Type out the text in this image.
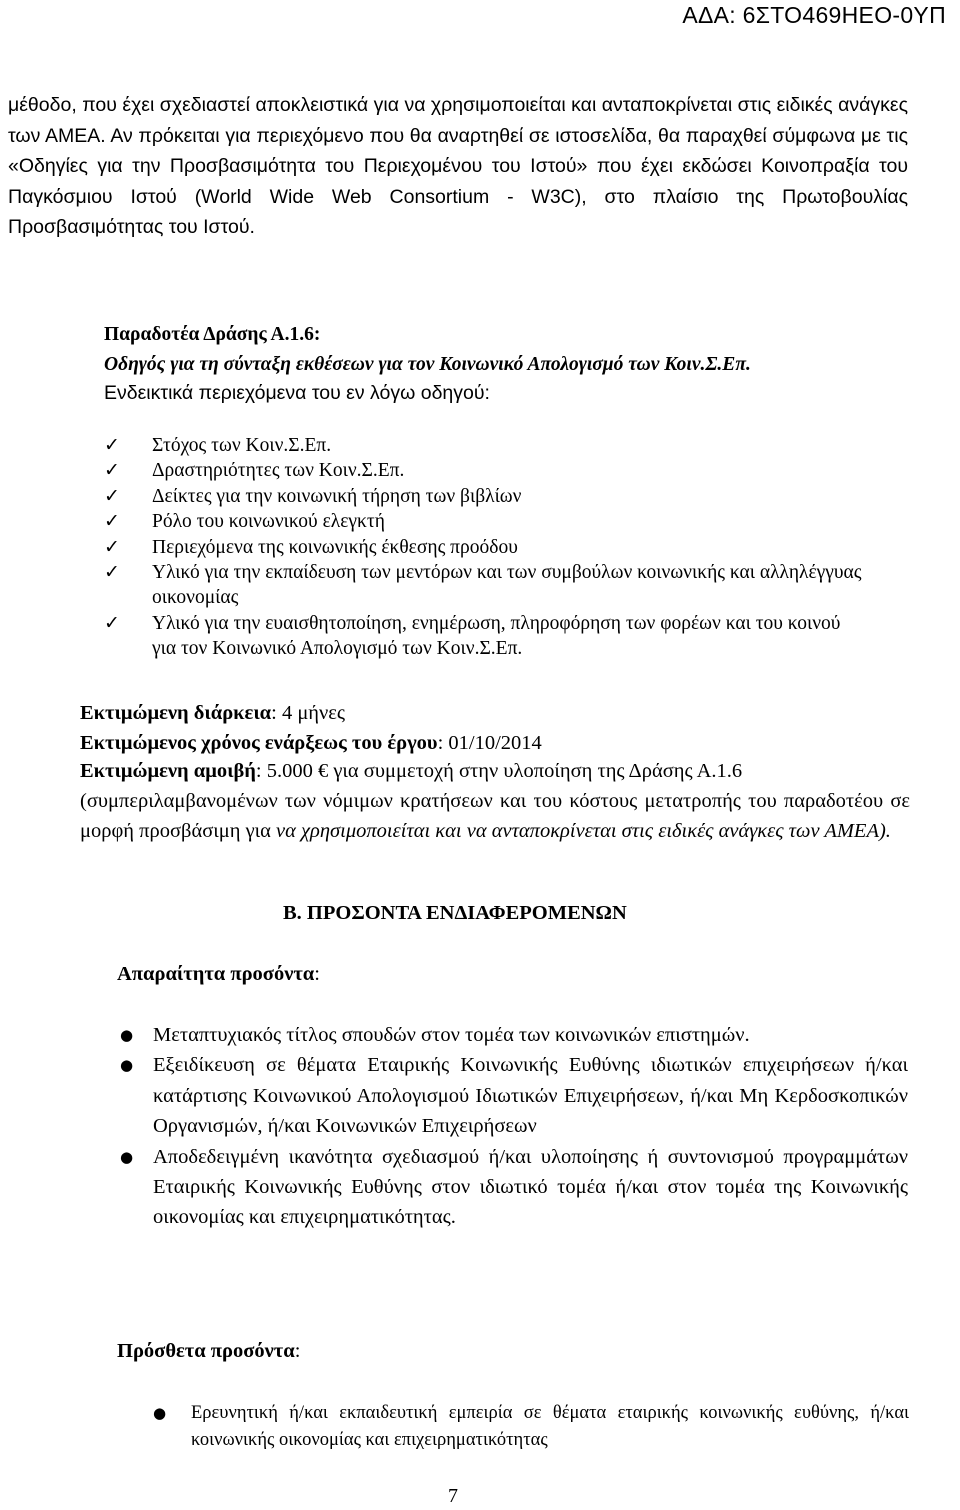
ΑΔΑ: 6ΣΤΟ469ΗΕΟ-0ΥΠ

μέθοδο, που έχει σχεδιαστεί αποκλειστικά για να χρησιμοποιείται και ανταποκρίνεται στις ειδικές ανάγκες των ΑΜΕΑ. Αν πρόκειται για περιεχόμενο που θα αναρτηθεί σε ιστοσελίδα, θα παραχθεί σύμφωνα με τις «Οδηγίες για την Προσβασιμότητα του Περιεχομένου του Ιστού» που έχει εκδώσει Κοινοπραξία του Παγκόσμιου Ιστού (World Wide Web Consortium - W3C), στο πλαίσιο της Πρωτοβουλίας Προσβασιμότητας του Ιστού.

Παραδοτέα Δράσης Α.1.6:

Οδηγός για τη σύνταξη εκθέσεων για τον Κοινωνικό Απολογισμό των Κοιν.Σ.Επ.

Ενδεικτικά περιεχόμενα του εν λόγω οδηγού:

✓ Στόχος των Κοιν.Σ.Επ.
✓ Δραστηριότητες των Κοιν.Σ.Επ.
✓ Δείκτες για την κοινωνική τήρηση των βιβλίων
✓ Ρόλο του κοινωνικού ελεγκτή
✓ Περιεχόμενα της κοινωνικής έκθεσης προόδου
✓ Υλικό για την εκπαίδευση των μεντόρων και των συμβούλων κοινωνικής και αλληλέγγυας οικονομίας
✓ Υλικό για την ευαισθητοποίηση, ενημέρωση, πληροφόρηση των φορέων και του κοινού για τον Κοινωνικό Απολογισμό των Κοιν.Σ.Επ.

Εκτιμώμενη διάρκεια: 4 μήνες

Εκτιμώμενος χρόνος ενάρξεως του έργου: 01/10/2014

Εκτιμώμενη αμοιβή: 5.000 € για συμμετοχή στην υλοποίηση της Δράσης Α.1.6

(συμπεριλαμβανομένων των νόμιμων κρατήσεων και του κόστους μετατροπής του παραδοτέου σε μορφή προσβάσιμη για να χρησιμοποιείται και να ανταποκρίνεται στις ειδικές ανάγκες των ΑΜΕΑ).

Β. ΠΡΟΣΟΝΤΑ ΕΝΔΙΑΦΕΡΟΜΕΝΩΝ

Απαραίτητα προσόντα:

● Μεταπτυχιακός τίτλος σπουδών στον τομέα των κοινωνικών επιστημών.
● Εξειδίκευση σε θέματα Εταιρικής Κοινωνικής Ευθύνης ιδιωτικών επιχειρήσεων ή/και κατάρτισης Κοινωνικού Απολογισμού Ιδιωτικών Επιχειρήσεων, ή/και Μη Κερδοσκοπικών Οργανισμών, ή/και Κοινωνικών Επιχειρήσεων
● Αποδεδειγμένη ικανότητα σχεδιασμού ή/και υλοποίησης ή συντονισμού προγραμμάτων Εταιρικής Κοινωνικής Ευθύνης στον ιδιωτικό τομέα ή/και στον τομέα της Κοινωνικής οικονομίας και επιχειρηματικότητας.

Πρόσθετα προσόντα:

● Ερευνητική ή/και εκπαιδευτική εμπειρία σε θέματα εταιρικής κοινωνικής ευθύνης, ή/και κοινωνικής οικονομίας και επιχειρηματικότητας

7
